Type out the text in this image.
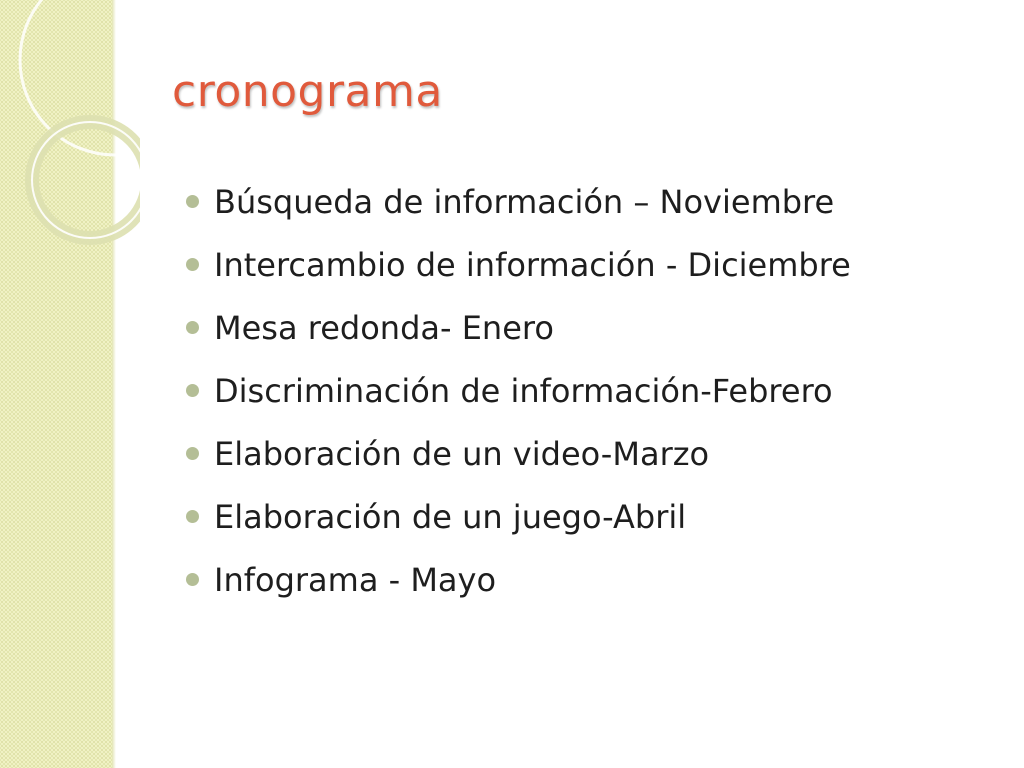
cronograma
Búsqueda de información – Noviembre
Intercambio de información - Diciembre
Mesa redonda- Enero
Discriminación de información-Febrero
Elaboración de un video-Marzo
Elaboración de un juego-Abril
Infograma - Mayo
